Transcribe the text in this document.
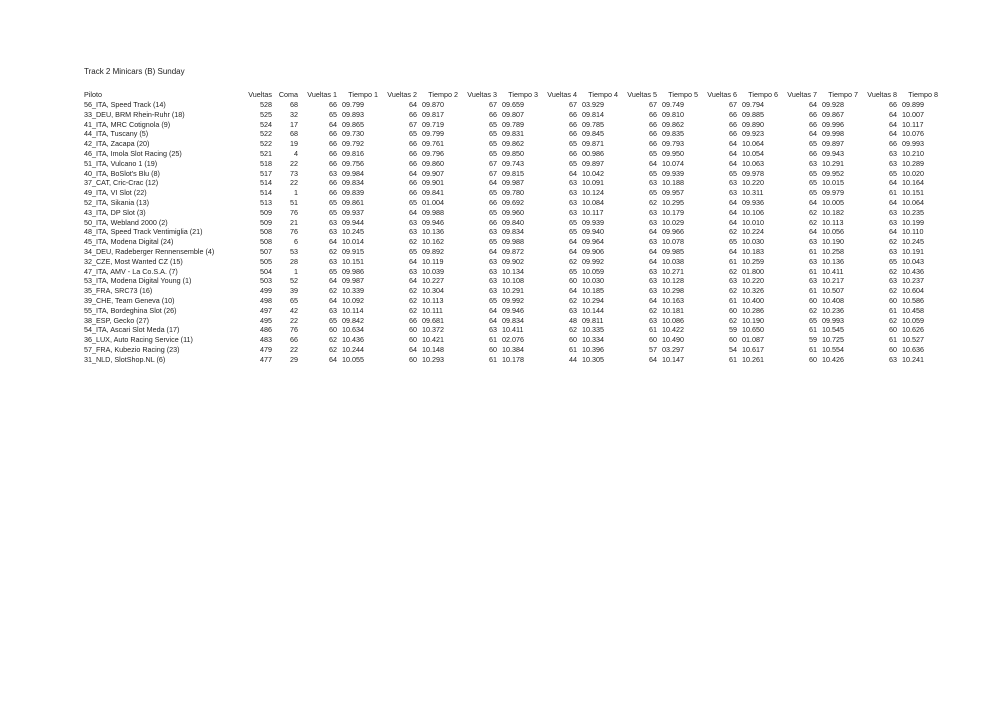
Track 2 Minicars (B) Sunday
Piloto	Vueltas	Coma	Vueltas 1	Tiempo 1	Vueltas 2	Tiempo 2	Vueltas 3	Tiempo 3	Vueltas 4	Tiempo 4	Vueltas 5	Tiempo 5	Vueltas 6	Tiempo 6	Vueltas 7	Tiempo 7	Vueltas 8	Tiempo 8
56_ITA, Speed Track (14)	528	68	66	09.799	64	09.870	67	09.659	67	03.929	67	09.749	67	09.794	64	09.928	66	09.899
33_DEU, BRM Rhein-Ruhr (18)	525	32	65	09.893	66	09.817	66	09.807	66	09.814	66	09.810	66	09.885	66	09.867	64	10.007
41_ITA, MRC Cotignola (9)	524	17	64	09.865	67	09.719	65	09.789	66	09.785	66	09.862	66	09.890	66	09.996	64	10.117
44_ITA, Tuscany (5)	522	68	66	09.730	65	09.799	65	09.831	66	09.845	66	09.835	66	09.923	64	09.998	64	10.076
42_ITA, Zacapa (20)	522	19	66	09.792	66	09.761	65	09.862	65	09.871	66	09.793	64	10.064	65	09.897	66	09.993
46_ITA, Imola Slot Racing (25)	521	4	66	09.816	66	09.796	65	09.850	66	00.986	65	09.950	64	10.054	66	09.943	63	10.210
51_ITA, Vulcano 1 (19)	518	22	66	09.756	66	09.860	67	09.743	65	09.897	64	10.074	64	10.063	63	10.291	63	10.289
40_ITA, BoSlot's Blu (8)	517	73	63	09.984	64	09.907	67	09.815	64	10.042	65	09.939	65	09.978	65	09.952	65	10.020
37_CAT, Cric-Crac (12)	514	22	66	09.834	66	09.901	64	09.987	63	10.091	63	10.188	63	10.220	65	10.015	64	10.164
49_ITA, VI Slot (22)	514	1	66	09.839	66	09.841	65	09.780	63	10.124	65	09.957	63	10.311	65	09.979	61	10.151
52_ITA, Sikania (13)	513	51	65	09.861	65	01.004	66	09.692	63	10.084	62	10.295	64	09.936	64	10.005	64	10.064
43_ITA, DP Slot (3)	509	76	65	09.937	64	09.988	65	09.960	63	10.117	63	10.179	64	10.106	62	10.182	63	10.235
50_ITA, Webland 2000 (2)	509	21	63	09.944	63	09.946	66	09.840	65	09.939	63	10.029	64	10.010	62	10.113	63	10.199
48_ITA, Speed Track Ventimiglia (21)	508	76	63	10.245	63	10.136	63	09.834	65	09.940	64	09.966	62	10.224	64	10.056	64	10.110
45_ITA, Modena Digital (24)	508	6	64	10.014	62	10.162	65	09.988	64	09.964	63	10.078	65	10.030	63	10.190	62	10.245
34_DEU, Radeberger Rennensemble (4)	507	53	62	09.915	65	09.892	64	09.872	64	09.906	64	09.985	64	10.183	61	10.258	63	10.191
32_CZE, Most Wanted CZ (15)	505	28	63	10.151	64	10.119	63	09.902	62	09.992	64	10.038	61	10.259	63	10.136	65	10.043
47_ITA, AMV - La Co.S.A. (7)	504	1	65	09.986	63	10.039	63	10.134	65	10.059	63	10.271	62	01.800	61	10.411	62	10.436
53_ITA, Modena Digital Young (1)	503	52	64	09.987	64	10.227	63	10.108	60	10.030	63	10.128	63	10.220	63	10.217	63	10.237
35_FRA, SRC73 (16)	499	39	62	10.339	62	10.304	63	10.291	64	10.185	63	10.298	62	10.326	61	10.507	62	10.604
39_CHE, Team Geneva (10)	498	65	64	10.092	62	10.113	65	09.992	62	10.294	64	10.163	61	10.400	60	10.408	60	10.586
55_ITA, Bordeghina Slot (26)	497	42	63	10.114	62	10.111	64	09.946	63	10.144	62	10.181	60	10.286	62	10.236	61	10.458
38_ESP, Gecko (27)	495	22	65	09.842	66	09.681	64	09.834	48	09.811	63	10.086	62	10.190	65	09.993	62	10.059
54_ITA, Ascari Slot Meda (17)	486	76	60	10.634	60	10.372	63	10.411	62	10.335	61	10.422	59	10.650	61	10.545	60	10.626
36_LUX, Auto Racing Service (11)	483	66	62	10.436	60	10.421	61	02.076	60	10.334	60	10.490	60	01.087	59	10.725	61	10.527
57_FRA, Kubezio Racing (23)	479	22	62	10.244	64	10.148	60	10.384	61	10.396	57	03.297	54	10.617	61	10.554	60	10.636
31_NLD, SlotShop.NL (6)	477	29	64	10.055	60	10.293	61	10.178	44	10.305	64	10.147	61	10.261	60	10.426	63	10.241
